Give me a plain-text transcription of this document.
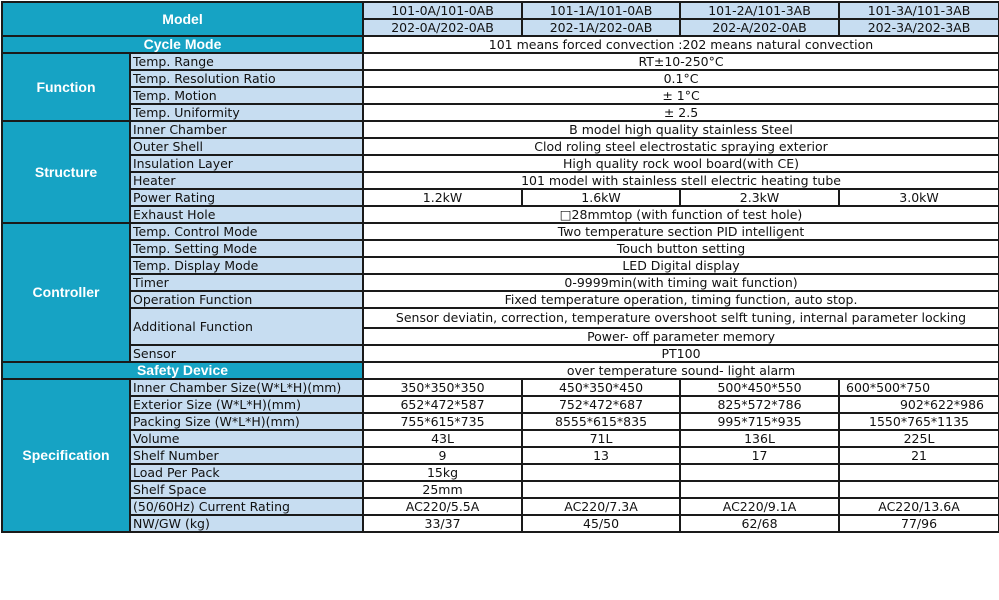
Model		101-0A/101-0AB	101-1A/101-0AB	101-2A/101-3AB	101-3A/101-3AB
		202-0A/202-0AB	202-1A/202-0AB	202-A/202-0AB	202-3A/202-3AB
Cycle Mode		101 means forced convection :202 means natural convection			
Function	Temp. Range	RT±10-250°C			
	Temp. Resolution Ratio	0.1°C			
	Temp. Motion	± 1°C			
	Temp. Uniformity	± 2.5			
Structure	Inner Chamber	B model high quality stainless Steel			
	Outer Shell	Clod roling steel electrostatic spraying exterior			
	Insulation Layer	High quality rock wool board(with CE)			
	Heater	101 model with stainless stell electric heating tube			
	Power Rating	1.2kW	1.6kW	2.3kW	3.0kW
	Exhaust Hole	□28mmtop (with function of test hole)			
Controller	Temp. Control Mode	Two temperature section PID intelligent			
	Temp. Setting Mode	Touch button setting			
	Temp. Display Mode	LED Digital display			
	Timer	0-9999min(with timing wait function)			
	Operation Function	Fixed temperature operation, timing function, auto stop.			
	Additional Function	Sensor deviatin, correction, temperature overshoot selft tuning, internal parameter locking			
		Power- off parameter memory			
	Sensor	PT100			
Safety Device		over temperature sound- light alarm			
Specification	Inner Chamber Size(W*L*H)(mm)	350*350*350	450*350*450	500*450*550	600*500*750
	Exterior Size (W*L*H)(mm)	652*472*587	752*472*687	825*572*786	902*622*986
	Packing Size (W*L*H)(mm)	755*615*735	8555*615*835	995*715*935	1550*765*1135
	Volume	43L	71L	136L	225L
	Shelf Number	9	13	17	21
	Load Per Pack	15kg			
	Shelf Space	25mm			
	(50/60Hz) Current Rating	AC220/5.5A	AC220/7.3A	AC220/9.1A	AC220/13.6A
	NW/GW (kg)	33/37	45/50	62/68	77/96
